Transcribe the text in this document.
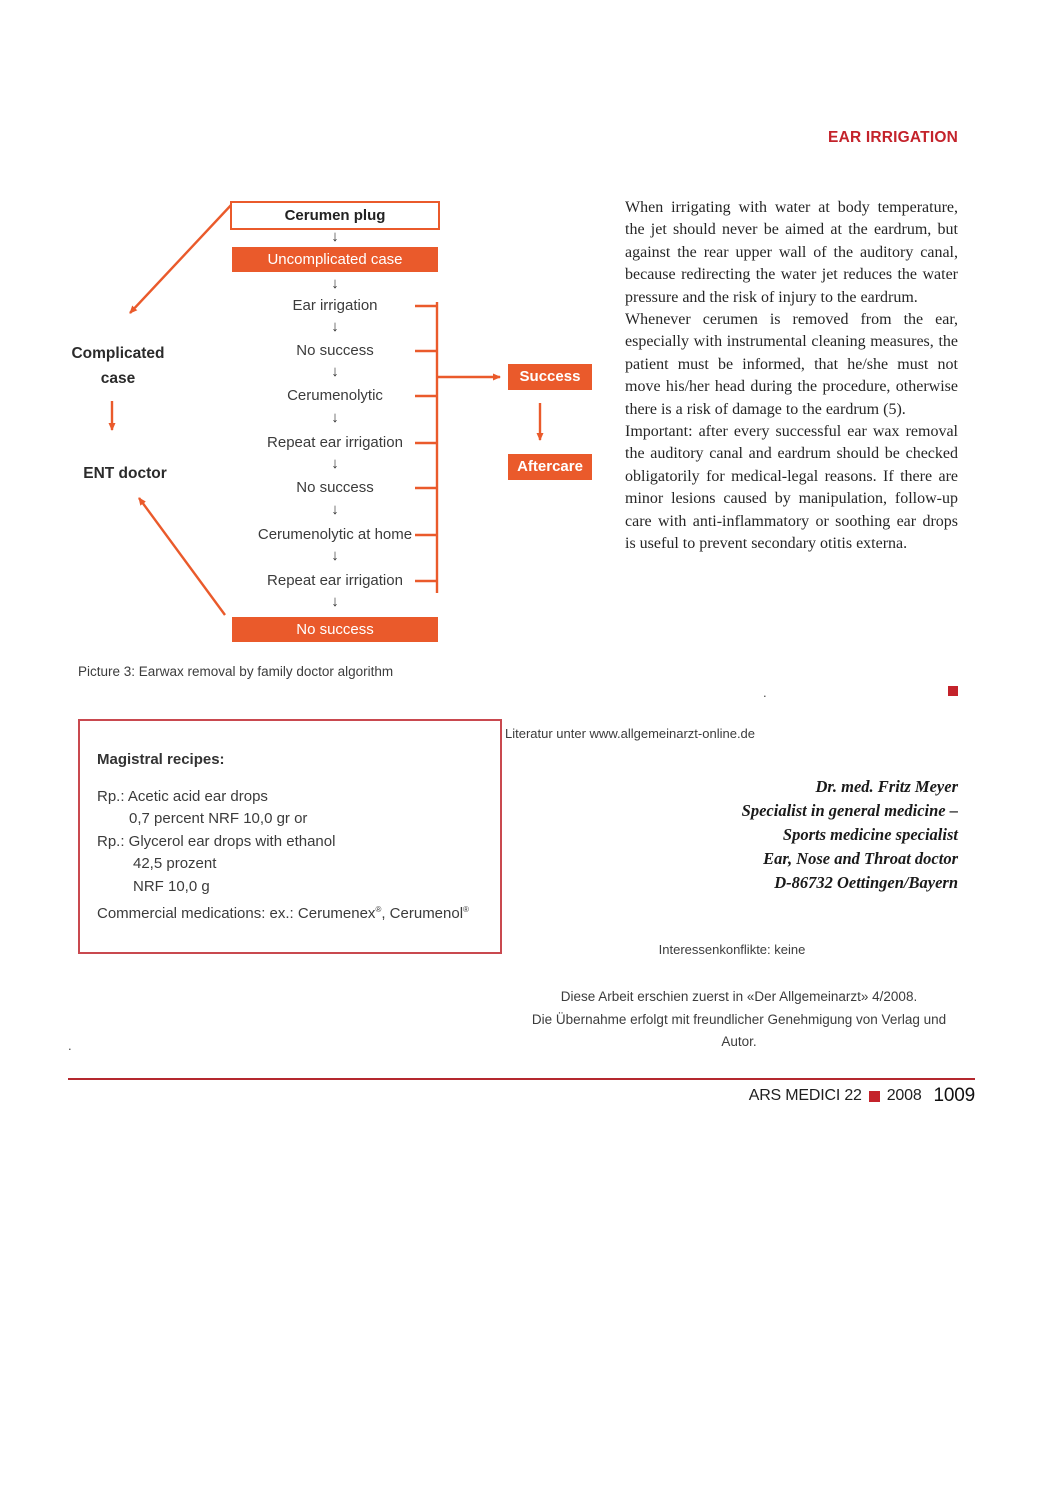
EAR IRRIGATION
Cerumen plug
↓
Uncomplicated case
↓
Ear irrigation
↓
No success
↓
Cerumenolytic
↓
Repeat ear irrigation
↓
No success
↓
Cerumenolytic at home
↓
Repeat ear irrigation
↓
No success
Complicated
case
ENT doctor
Success
Aftercare
Picture 3: Earwax removal by family doctor algorithm

When irrigating with water at body temperature, the jet should never be aimed at the eardrum, but against the rear upper wall of the auditory canal, because redirecting the water jet reduces the water pressure and the risk of injury to the eardrum.

Whenever cerumen is removed from the ear, especially with instrumental cleaning measures, the patient must be informed, that he/she must not move his/her head during the procedure, otherwise there is a risk of damage to the eardrum (5).

Important: after every successful ear wax removal the auditory canal and eardrum should be checked obligatorily for medical-legal reasons. If there are minor lesions caused by manipulation, follow-up care with anti-inflammatory or soothing ear drops is useful to prevent secondary otitis externa.

.
Magistral recipes:
Rp.: Acetic acid ear drops
0,7 percent NRF 10,0 gr or
Rp.: Glycerol ear drops with ethanol
42,5 prozent
NRF 10,0 g
Commercial medications: ex.: Cerumenex®, Cerumenol®
Literatur unter www.allgemeinarzt-online.de
Dr. med. Fritz Meyer
Specialist in general medicine –
Sports medicine specialist
Ear, Nose and Throat doctor
D-86732 Oettingen/Bayern
Interessenkonflikte: keine

Diese Arbeit erschien zuerst in «Der Allgemeinarzt» 4/2008.

Die Übernahme erfolgt mit freundlicher Genehmigung von Verlag und Autor.

.
ARS MEDICI 22 2008 1009
